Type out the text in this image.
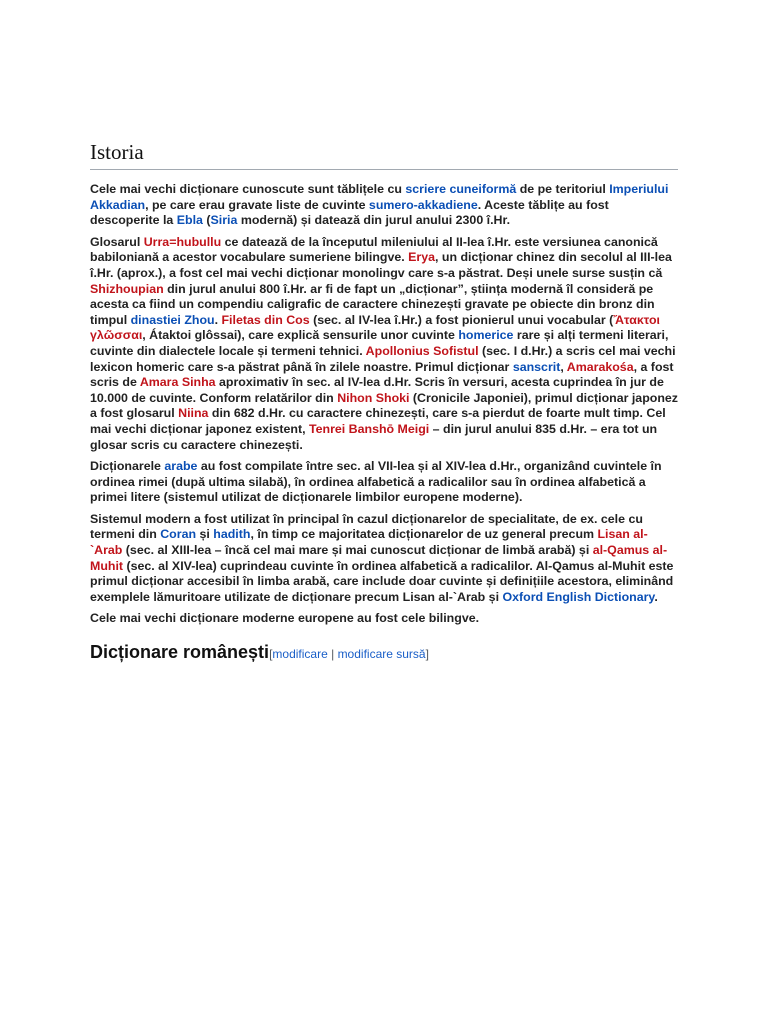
Istoria

Cele mai vechi dicționare cunoscute sunt tăblițele cu scriere cuneiformă de pe teritoriul Imperiului Akkadian, pe care erau gravate liste de cuvinte sumero-akkadiene. Aceste tăblițe au fost descoperite la Ebla (Siria modernă) și datează din jurul anului 2300 î.Hr.

Glosarul Urra=hubullu ce datează de la începutul mileniului al II-lea î.Hr. este versiunea canonică babiloniană a acestor vocabulare sumeriene bilingve. Erya, un dicționar chinez din secolul al III-lea î.Hr. (aprox.), a fost cel mai vechi dicționar monolingv care s-a păstrat. Deși unele surse susțin că Shizhoupian din jurul anului 800 î.Hr. ar fi de fapt un „dicționar”, știința modernă îl consideră pe acesta ca fiind un compendiu caligrafic de caractere chinezești gravate pe obiecte din bronz din timpul dinastiei Zhou. Filetas din Cos (sec. al IV-lea î.Hr.) a fost pionierul unui vocabular (Ἄτακτοι γλῶσσαι, Átaktoi glôssai), care explică sensurile unor cuvinte homerice rare și alți termeni literari, cuvinte din dialectele locale și termeni tehnici. Apollonius Sofistul (sec. I d.Hr.) a scris cel mai vechi lexicon homeric care s-a păstrat până în zilele noastre. Primul dicționar sanscrit, Amarakośa, a fost scris de Amara Sinha aproximativ în sec. al IV-lea d.Hr. Scris în versuri, acesta cuprindea în jur de 10.000 de cuvinte. Conform relatărilor din Nihon Shoki (Cronicile Japoniei), primul dicționar japonez a fost glosarul Niina din 682 d.Hr. cu caractere chinezești, care s-a pierdut de foarte mult timp. Cel mai vechi dicționar japonez existent, Tenrei Banshō Meigi – din jurul anului 835 d.Hr. – era tot un glosar scris cu caractere chinezești.

Dicționarele arabe au fost compilate între sec. al VII-lea și al XIV-lea d.Hr., organizând cuvintele în ordinea rimei (după ultima silabă), în ordinea alfabetică a radicalilor sau în ordinea alfabetică a primei litere (sistemul utilizat de dicționarele limbilor europene moderne).

Sistemul modern a fost utilizat în principal în cazul dicționarelor de specialitate, de ex. cele cu termeni din Coran și hadith, în timp ce majoritatea dicționarelor de uz general precum Lisan al-`Arab (sec. al XIII-lea – încă cel mai mare și mai cunoscut dicționar de limbă arabă) și al-Qamus al-Muhit (sec. al XIV-lea) cuprindeau cuvinte în ordinea alfabetică a radicalilor. Al-Qamus al-Muhit este primul dicționar accesibil în limba arabă, care include doar cuvinte și definițiile acestora, eliminând exemplele lămuritoare utilizate de dicționare precum Lisan al-`Arab și Oxford English Dictionary.

Cele mai vechi dicționare moderne europene au fost cele bilingve.

Dicționare românești[modificare | modificare sursă]
